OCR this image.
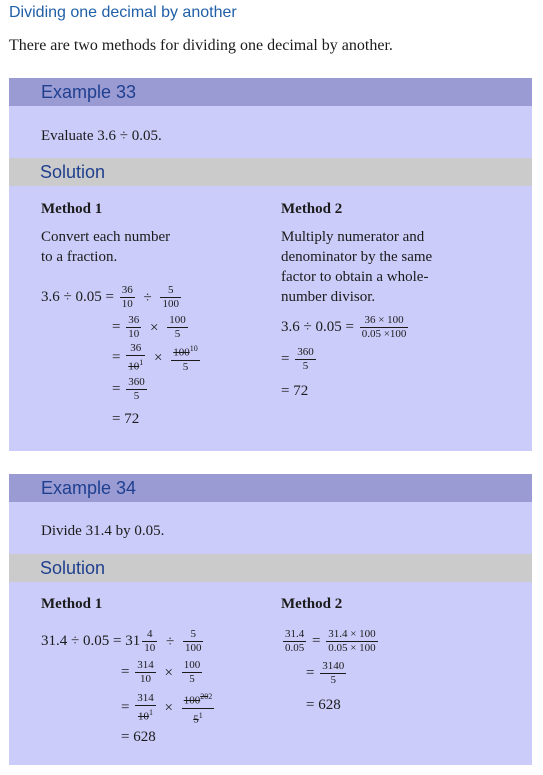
Dividing one decimal by another
There are two methods for dividing one decimal by another.
Example 33
Evaluate 3.6 ÷ 0.05.
Solution
Method 1
Convert each number
to a fraction.
$3.6 \div 0.05 = \frac{36}{10} \div \frac{5}{100}$
= $\frac{36}{10} \times \frac{100}{5}$
= $\frac{36}{10^1} \times \frac{100^{10}}{5}$
= $\frac{360}{5}$
= 72
Method 2
Multiply numerator and
denominator by the same
factor to obtain a whole-
number divisor.
$3.6 \div 0.05 = \frac{36 \times 100}{0.05 \times 100}$
= $\frac{360}{5}$
= 72
Example 34
Divide 31.4 by 0.05.
Solution
Method 1
$31.4 \div 0.05 = 31 \frac{4}{10} \div \frac{5}{100}$
= $\frac{314}{10} \times \frac{100}{5}$
= $\frac{314}{10^1} \times \frac{100^{202}}{5^1}$
= 628
Method 2
$\frac{31.4}{0.05} = \frac{31.4 \times 100}{0.05 \times 100}$
= $\frac{3140}{5}$
= 628
